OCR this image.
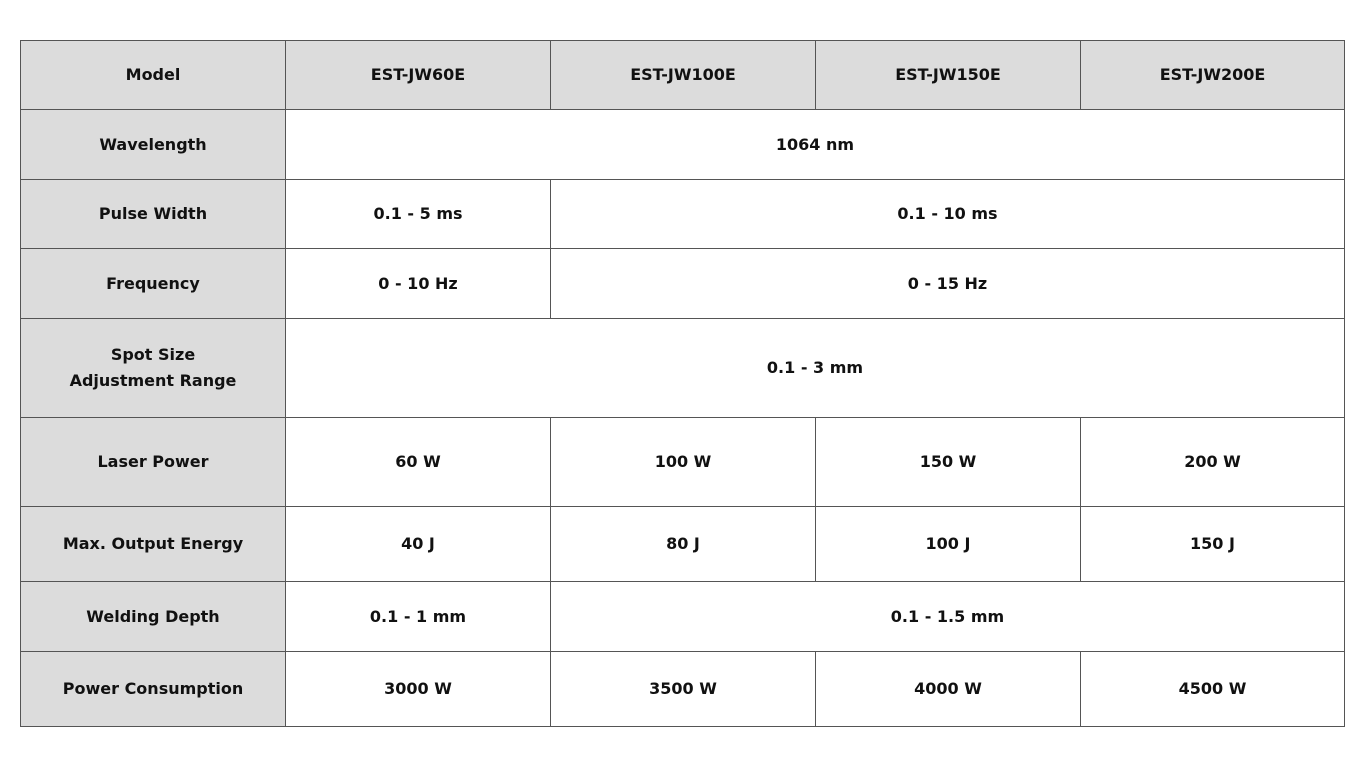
Model	EST-JW60E	EST-JW100E	EST-JW150E	EST-JW200E
Wavelength	1064 nm			
Pulse Width	0.1 - 5 ms	0.1 - 10 ms		
Frequency	0 - 10 Hz	0 - 15 Hz		

Spot Size
Adjustment Range	0.1 - 3 mm			
Laser Power	60 W	100 W	150 W	200 W
Max. Output Energy	40 J	80 J	100 J	150 J
Welding Depth	0.1 - 1 mm	0.1 - 1.5 mm		
Power Consumption	3000 W	3500 W	4000 W	4500 W
